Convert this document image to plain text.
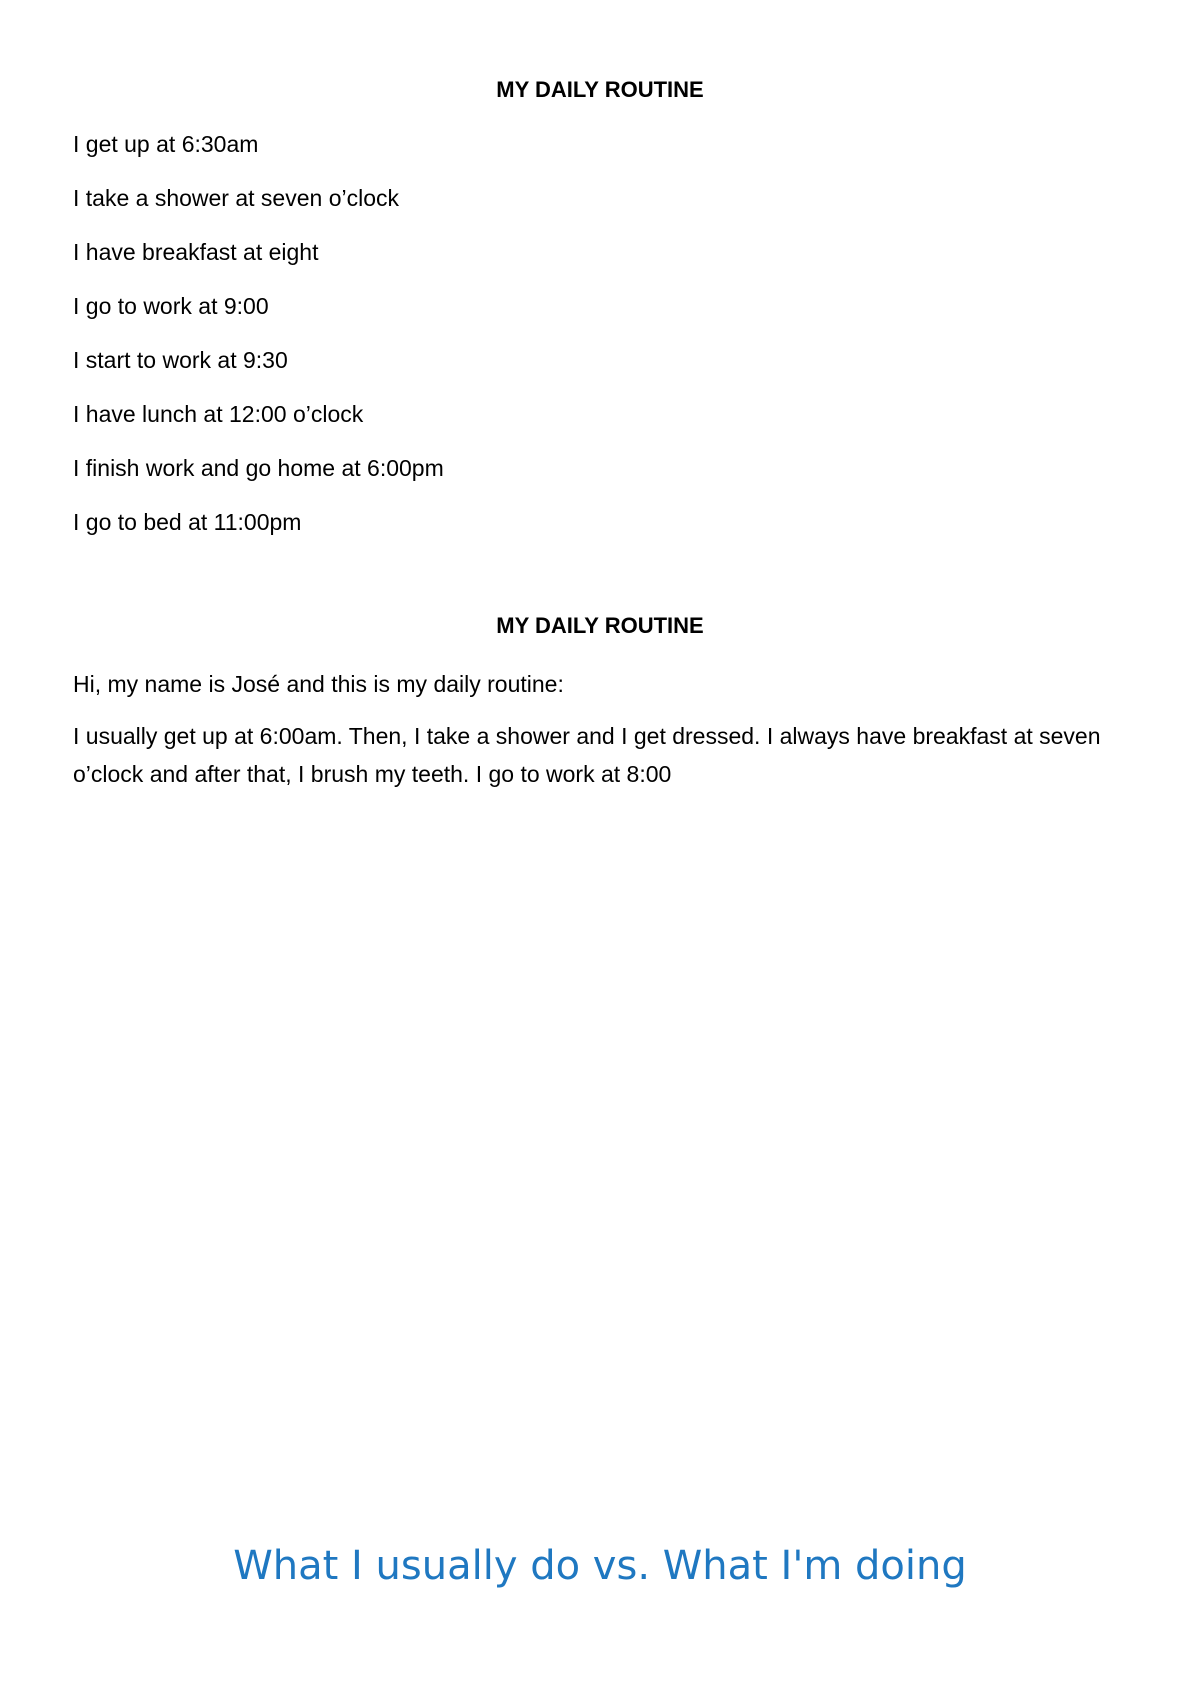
MY DAILY ROUTINE
I get up at 6:30am
I take a shower at seven o’clock
I have breakfast at eight
I go to work at 9:00
I start to work at 9:30
I have lunch at 12:00 o’clock
I finish work and go home at 6:00pm
I go to bed at 11:00pm
MY DAILY ROUTINE

Hi, my name is José and this is my daily routine:

I usually get up at 6:00am. Then, I take a shower and I get dressed. I always have breakfast at seven o’clock and after that, I brush my teeth. I go to work at 8:00

What I usually do vs. What I'm doing
